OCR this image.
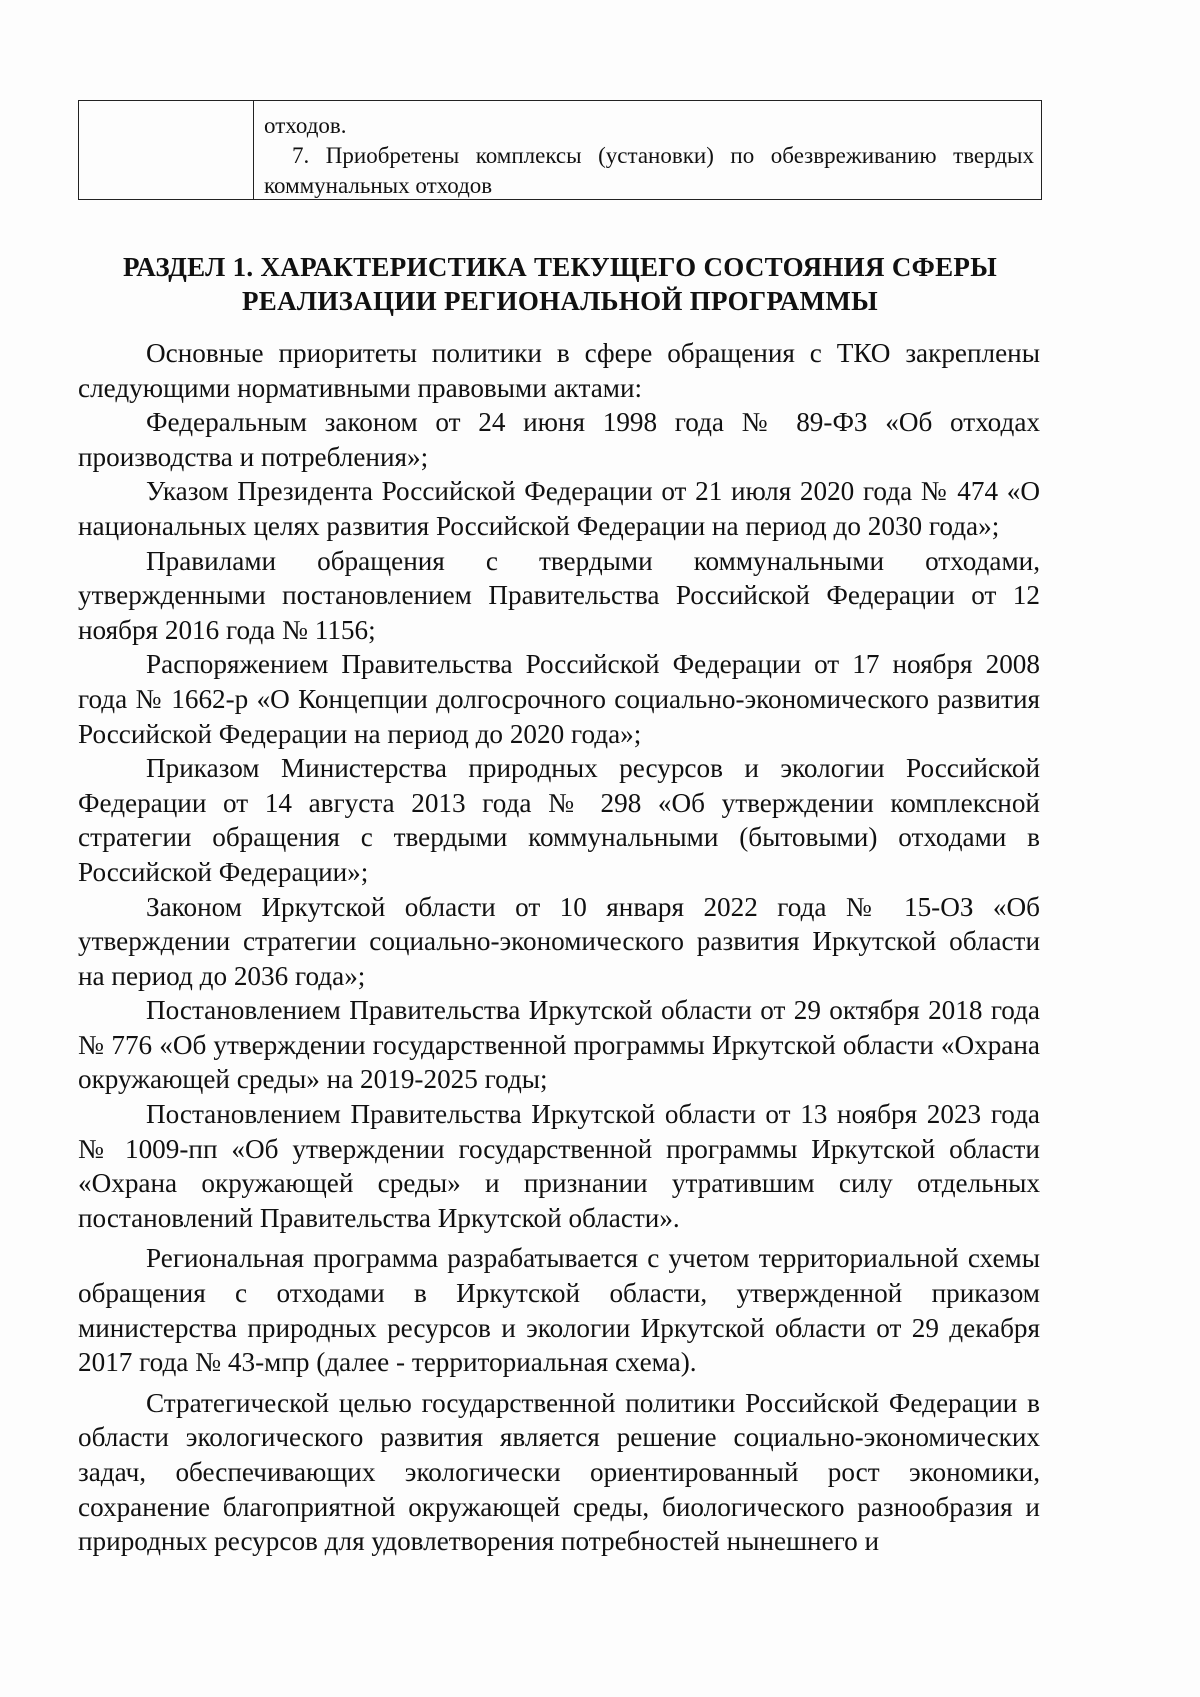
отходов.
7. Приобретены комплексы (установки) по обезвреживанию твердых коммунальных отходов
РАЗДЕЛ 1. ХАРАКТЕРИСТИКА ТЕКУЩЕГО СОСТОЯНИЯ СФЕРЫ
РЕАЛИЗАЦИИ РЕГИОНАЛЬНОЙ ПРОГРАММЫ

Основные приоритеты политики в сфере обращения с ТКО закреплены следующими нормативными правовыми актами:

Федеральным законом от 24 июня 1998 года № 89-ФЗ «Об отходах производства и потребления»;

Указом Президента Российской Федерации от 21 июля 2020 года № 474 «О национальных целях развития Российской Федерации на период до 2030 года»;

Правилами обращения с твердыми коммунальными отходами, утвержденными постановлением Правительства Российской Федерации от 12 ноября 2016 года № 1156;

Распоряжением Правительства Российской Федерации от 17 ноября 2008 года № 1662-р «О Концепции долгосрочного социально-экономического развития Российской Федерации на период до 2020 года»;

Приказом Министерства природных ресурсов и экологии Российской Федерации от 14 августа 2013 года № 298 «Об утверждении комплексной стратегии обращения с твердыми коммунальными (бытовыми) отходами в Российской Федерации»;

Законом Иркутской области от 10 января 2022 года № 15-ОЗ «Об утверждении стратегии социально-экономического развития Иркутской области на период до 2036 года»;

Постановлением Правительства Иркутской области от 29 октября 2018 года № 776 «Об утверждении государственной программы Иркутской области «Охрана окружающей среды» на 2019-2025 годы;

Постановлением Правительства Иркутской области от 13 ноября 2023 года № 1009-пп «Об утверждении государственной программы Иркутской области «Охрана окружающей среды» и признании утратившим силу отдельных постановлений Правительства Иркутской области».

Региональная программа разрабатывается с учетом территориальной схемы обращения с отходами в Иркутской области, утвержденной приказом министерства природных ресурсов и экологии Иркутской области от 29 декабря 2017 года № 43-мпр (далее - территориальная схема).

Стратегической целью государственной политики Российской Федерации в области экологического развития является решение социально-экономических задач, обеспечивающих экологически ориентированный рост экономики, сохранение благоприятной окружающей среды, биологического разнообразия и природных ресурсов для удовлетворения потребностей нынешнего и
